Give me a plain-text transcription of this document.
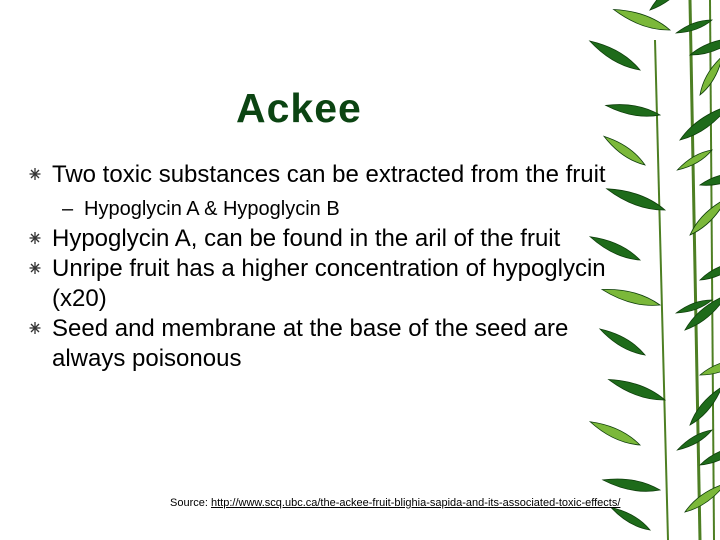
Ackee
Two toxic substances can be extracted from the fruit
– Hypoglycin A & Hypoglycin B
Hypoglycin A, can be found in the aril of the fruit
Unripe fruit has a higher concentration of hypoglycin (x20)
Seed and membrane at the base of the seed are always poisonous
Source: http://www.scq.ubc.ca/the-ackee-fruit-blighia-sapida-and-its-associated-toxic-effects/
